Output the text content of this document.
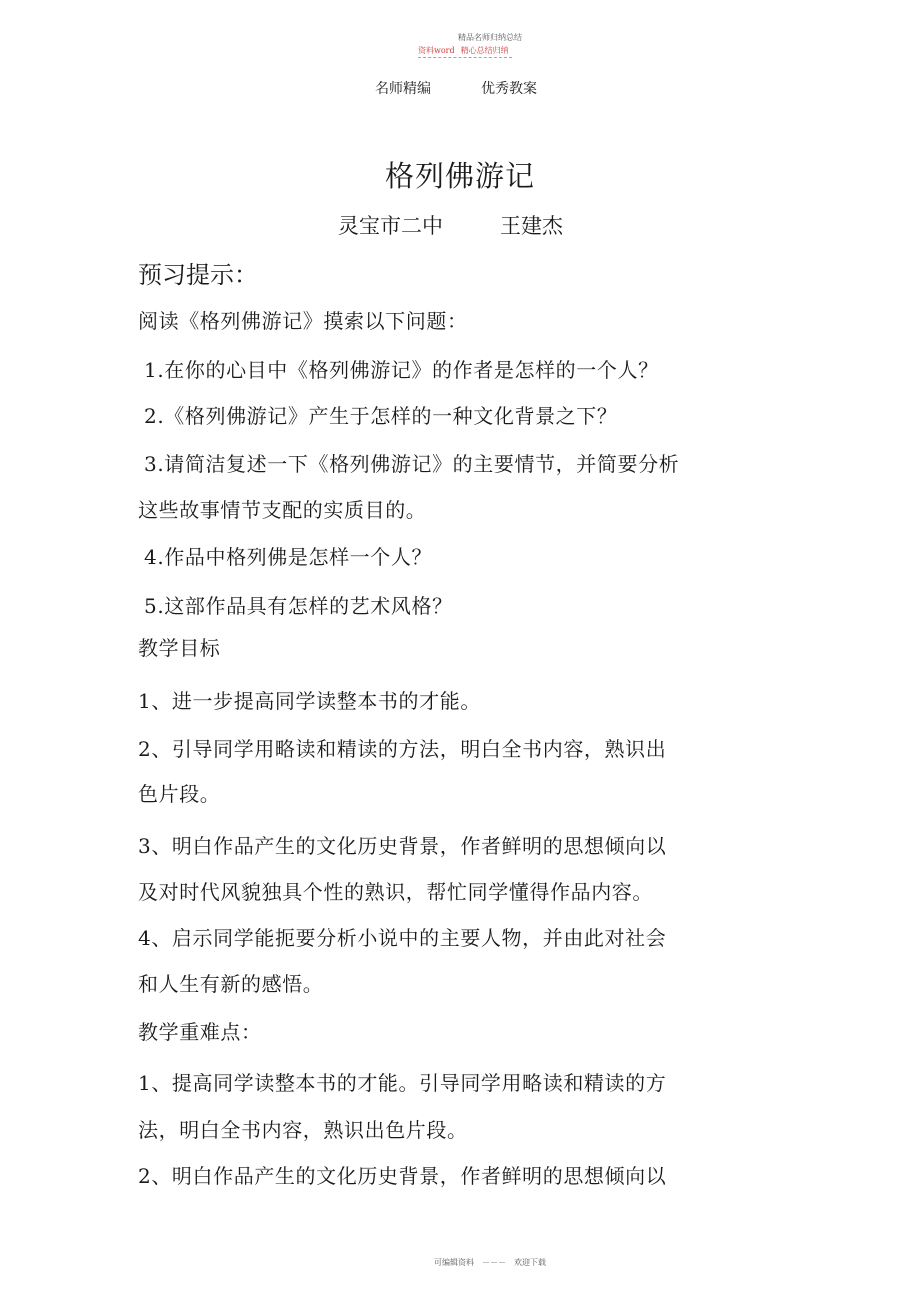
精品名师归纳总结
资料word 精心总结归纳
名师精编	优秀教案
格列佛游记
灵宝市二中	王建杰
预习提示：
阅读《格列佛游记》摸索以下问题：
1.在你的心目中《格列佛游记》的作者是怎样的一个人？
2.《格列佛游记》产生于怎样的一种文化背景之下？
3.请简洁复述一下《格列佛游记》的主要情节，并简要分析
这些故事情节支配的实质目的。
4.作品中格列佛是怎样一个人？
5.这部作品具有怎样的艺术风格？
教学目标
1、进一步提高同学读整本书的才能。
2、引导同学用略读和精读的方法，明白全书内容，熟识出
色片段。
3、明白作品产生的文化历史背景，作者鲜明的思想倾向以
及对时代风貌独具个性的熟识，帮忙同学懂得作品内容。
4、启示同学能扼要分析小说中的主要人物，并由此对社会
和人生有新的感悟。
教学重难点：
1、提高同学读整本书的才能。引导同学用略读和精读的方
法，明白全书内容，熟识出色片段。
2、明白作品产生的文化历史背景，作者鲜明的思想倾向以
可编辑资料　－－－　欢迎下载
